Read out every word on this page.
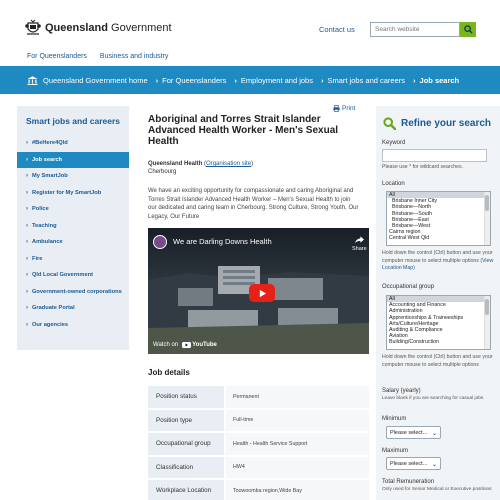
Queensland Government	Contact us
Search website
For Queenslanders Business and industry
Queensland Government home › For Queenslanders › Employment and jobs › Smart jobs and careers › Job search
Smart jobs and careers
› #BeHere4Qld
› Job search
› My SmartJob
› Register for My SmartJob
› Police
› Teaching
› Ambulance
› Fire
› Qld Local Government
› Government-owned corporations
› Graduate Portal
› Our agencies
Print
Aboriginal and Torres Strait Islander Advanced Health Worker - Men's Sexual Health
Queensland Health (Organisation site)
Cherbourg

We have an exciting opportunity for compassionate and caring Aboriginal and Torres Strait Islander Advanced Health Worker – Men's Sexual Health to join our dedicated and caring team in Cherbourg. Strong Culture, Strong Youth, Our Legacy, Our Future

We are Darling Downs Health

Share
Watch on YouTube
Job details
Position status	Permanent
Position type	Full-time
Occupational group	Health - Health Service Support
Classification	HW4
Workplace Location	Toowoomba region,Wide Bay
Refine your search
Keyword
Please use * for wildcard searches.
Location
All
Brisbane Inner City
Brisbane—North
Brisbane—South
Brisbane—East
Brisbane—West
Cairns region
Central West Qld
Hold down the control (Ctrl) button and use your computer mouse to select multiple options (View Location Map)
Occupational group
All
Accounting and Finance
Administration
Apprenticeships & Traineeships
Arts/Culture/Heritage
Auditing & Compliance
Aviation
Building/Construction
Hold down the control (Ctrl) button and use your computer mouse to select multiple options
Salary (yearly)
Leave blank if you are searching for casual jobs
Minimum
Please select... ⌄
Maximum
Please select... ⌄
Total Remuneration
Only used for Senior Medical or Executive positions
